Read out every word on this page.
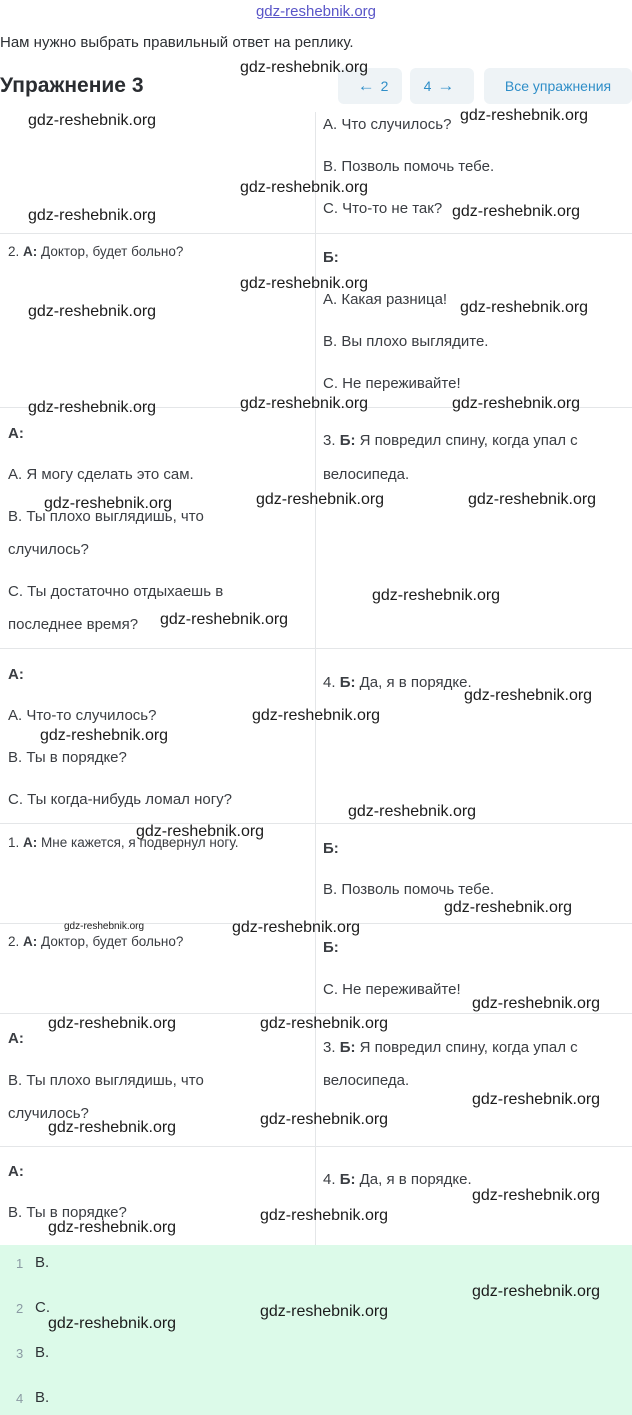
gdz-reshebnik.org
Нам нужно выбрать правильный ответ на реплику.
Упражнение 3	← 2	4 →	Все упражнения
A. Что случилось?
B. Позволь помочь тебе.
C. Что-то не так?
2. A: Доктор, будет больно?	Б:
A. Какая разница!
B. Вы плохо выглядите.
C. Не переживайте!
A:
A. Я могу сделать это сам.
B. Ты плохо выглядишь, что
случилось?
C. Ты достаточно отдыхаешь в
последнее время?
3. Б: Я повредил спину, когда упал с
велосипеда.
A:
A. Что-то случилось?
B. Ты в порядке?
C. Ты когда-нибудь ломал ногу?
4. Б: Да, я в порядке.
1. A: Мне кажется, я подвернул ногу.	Б:
B. Позволь помочь тебе.
2. A: Доктор, будет больно?	Б:
C. Не переживайте!
A:
B. Ты плохо выглядишь, что
случилось?
3. Б: Я повредил спину, когда упал с
велосипеда.
A:
B. Ты в порядке?
4. Б: Да, я в порядке.
1 B.
2 C.
3 B.
4 B.
gdz-reshebnik.org
gdz-reshebnik.org	gdz-reshebnik.org
gdz-reshebnik.org
gdz-reshebnik.org	gdz-reshebnik.org
gdz-reshebnik.org
gdz-reshebnik.org	gdz-reshebnik.org
gdz-reshebnik.org	gdz-reshebnik.org	gdz-reshebnik.org
gdz-reshebnik.org	gdz-reshebnik.org	gdz-reshebnik.org
gdz-reshebnik.org
gdz-reshebnik.org
gdz-reshebnik.org
gdz-reshebnik.org
gdz-reshebnik.org
gdz-reshebnik.org
gdz-reshebnik.org
gdz-reshebnik.org
gdz-reshebnik.org	gdz-reshebnik.org
gdz-reshebnik.org
gdz-reshebnik.org	gdz-reshebnik.org
gdz-reshebnik.org
gdz-reshebnik.org
gdz-reshebnik.org
gdz-reshebnik.org
gdz-reshebnik.org
gdz-reshebnik.org
gdz-reshebnik.org
gdz-reshebnik.org
gdz-reshebnik.org
